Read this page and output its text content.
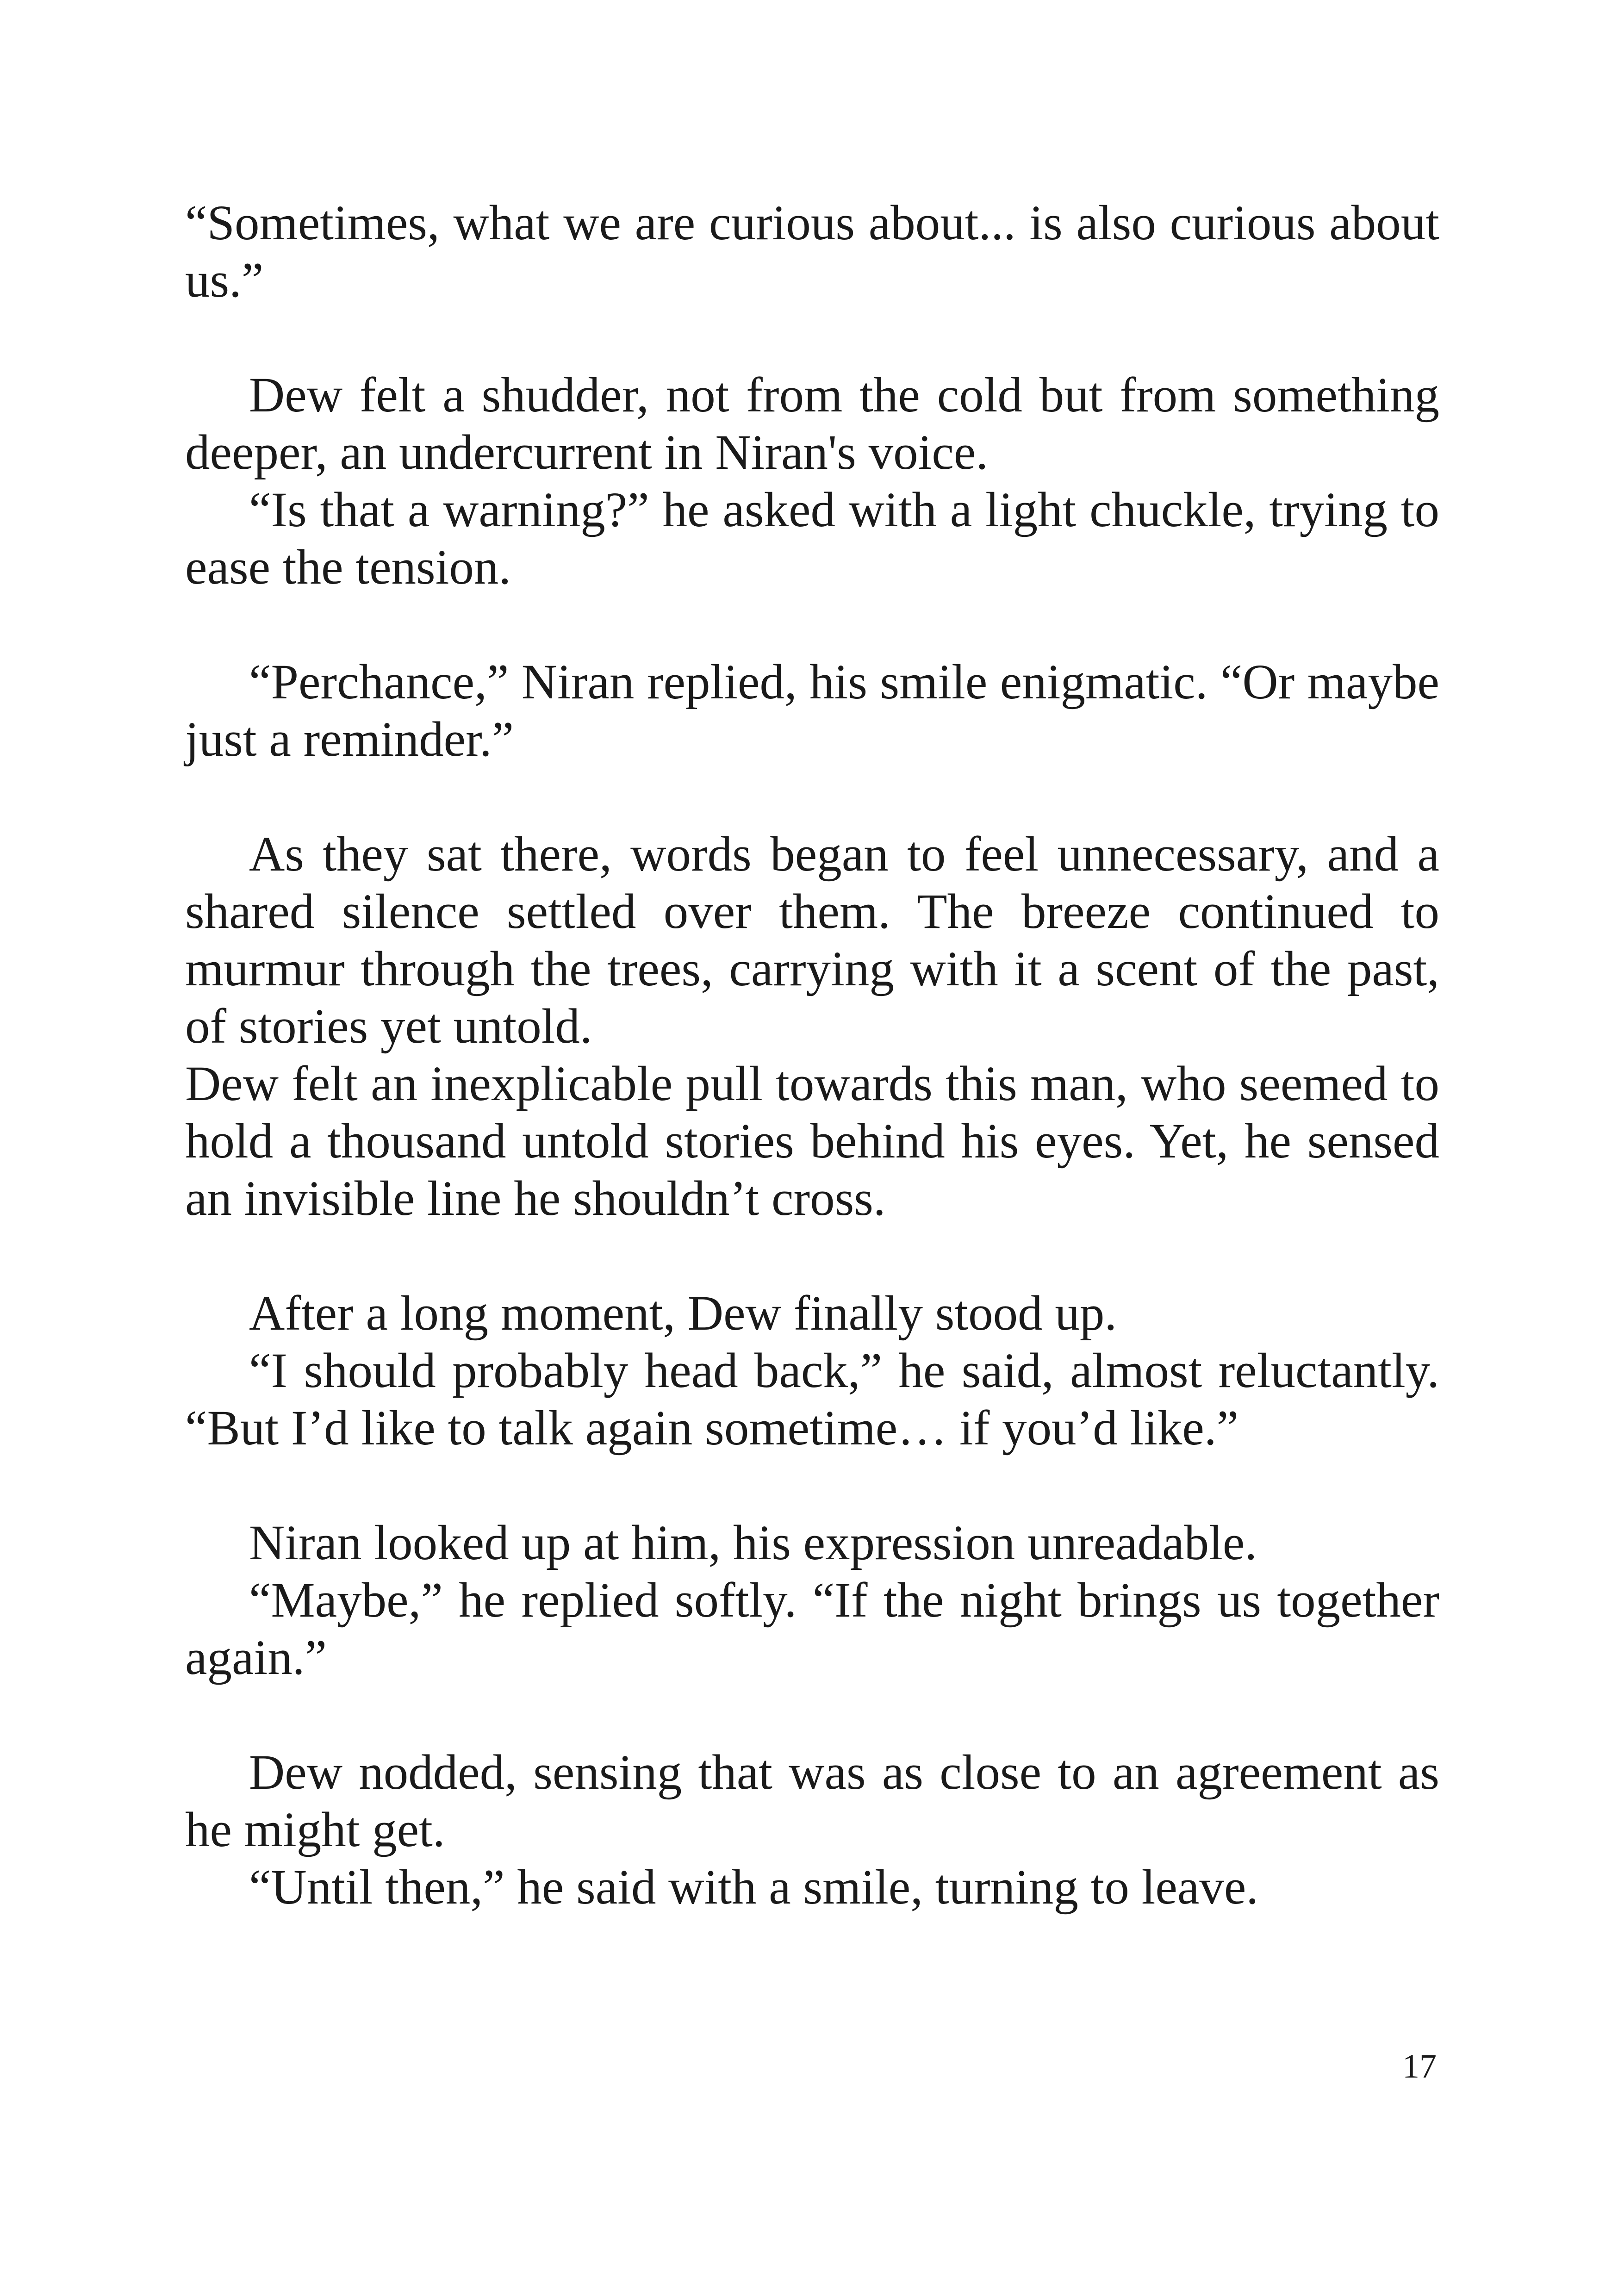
“Sometimes, what we are curious about... is also curious about us.”

Dew felt a shudder, not from the cold but from something deeper, an undercurrent in Niran's voice.

“Is that a warning?” he asked with a light chuckle, trying to ease the tension.

“Perchance,” Niran replied, his smile enigmatic. “Or maybe just a reminder.”

As they sat there, words began to feel unnecessary, and a shared silence settled over them. The breeze continued to murmur through the trees, carrying with it a scent of the past, of stories yet untold.

Dew felt an inexplicable pull towards this man, who seemed to hold a thousand untold stories behind his eyes. Yet, he sensed an invisible line he shouldn’t cross.

After a long moment, Dew finally stood up.

“I should probably head back,” he said, almost reluctantly. “But I’d like to talk again sometime… if you’d like.”

Niran looked up at him, his expression unreadable.

“Maybe,” he replied softly. “If the night brings us together again.”

Dew nodded, sensing that was as close to an agreement as he might get.

“Until then,” he said with a smile, turning to leave.

17
